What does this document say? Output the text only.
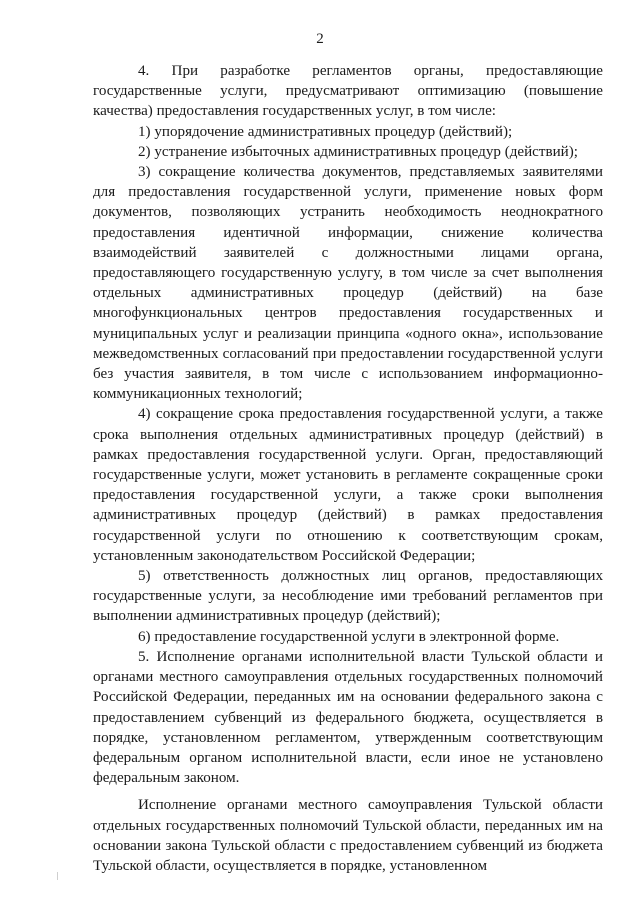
2

4. При разработке регламентов органы, предоставляющие государственные услуги, предусматривают оптимизацию (повышение качества) предоставления государственных услуг, в том числе:

1) упорядочение административных процедур (действий);

2) устранение избыточных административных процедур (действий);

3) сокращение количества документов, представляемых заявителями для предоставления государственной услуги, применение новых форм документов, позволяющих устранить необходимость неоднократного предоставления идентичной информации, снижение количества взаимодействий заявителей с должностными лицами органа, предоставляющего государственную услугу, в том числе за счет выполнения отдельных административных процедур (действий) на базе многофункциональных центров предоставления государственных и муниципальных услуг и реализации принципа «одного окна», использование межведомственных согласований при предоставлении государственной услуги без участия заявителя, в том числе с использованием информационно-коммуникационных технологий;

4) сокращение срока предоставления государственной услуги, а также срока выполнения отдельных административных процедур (действий) в рамках предоставления государственной услуги. Орган, предоставляющий государственные услуги, может установить в регламенте сокращенные сроки предоставления государственной услуги, а также сроки выполнения административных процедур (действий) в рамках предоставления государственной услуги по отношению к соответствующим срокам, установленным законодательством Российской Федерации;

5) ответственность должностных лиц органов, предоставляющих государственные услуги, за несоблюдение ими требований регламентов при выполнении административных процедур (действий);

6) предоставление государственной услуги в электронной форме.

5. Исполнение органами исполнительной власти Тульской области и органами местного самоуправления отдельных государственных полномочий Российской Федерации, переданных им на основании федерального закона с предоставлением субвенций из федерального бюджета, осуществляется в порядке, установленном регламентом, утвержденным соответствующим федеральным органом исполнительной власти, если иное не установлено федеральным законом.

Исполнение органами местного самоуправления Тульской области отдельных государственных полномочий Тульской области, переданных им на основании закона Тульской области с предоставлением субвенций из бюджета Тульской области, осуществляется в порядке, установленном
